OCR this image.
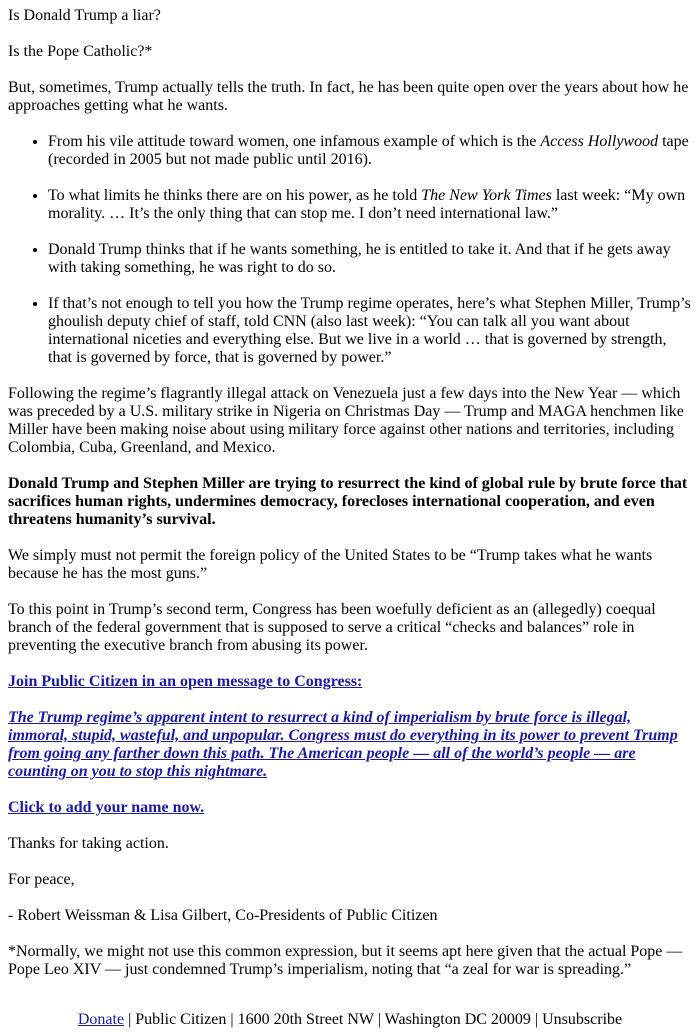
Is Donald Trump a liar?

Is the Pope Catholic?*

But, sometimes, Trump actually tells the truth. In fact, he has been quite open over the years about how he approaches getting what he wants.

• From his vile attitude toward women, one infamous example of which is the Access Hollywood tape (recorded in 2005 but not made public until 2016).
• To what limits he thinks there are on his power, as he told The New York Times last week: “My own morality. … It’s the only thing that can stop me. I don’t need international law.”
• Donald Trump thinks that if he wants something, he is entitled to take it. And that if he gets away with taking something, he was right to do so.
• If that’s not enough to tell you how the Trump regime operates, here’s what Stephen Miller, Trump’s ghoulish deputy chief of staff, told CNN (also last week): “You can talk all you want about international niceties and everything else. But we live in a world … that is governed by strength, that is governed by force, that is governed by power.”

Following the regime’s flagrantly illegal attack on Venezuela just a few days into the New Year — which was preceded by a U.S. military strike in Nigeria on Christmas Day — Trump and MAGA henchmen like Miller have been making noise about using military force against other nations and territories, including Colombia, Cuba, Greenland, and Mexico.

Donald Trump and Stephen Miller are trying to resurrect the kind of global rule by brute force that sacrifices human rights, undermines democracy, forecloses international cooperation, and even threatens humanity’s survival.

We simply must not permit the foreign policy of the United States to be “Trump takes what he wants because he has the most guns.”

To this point in Trump’s second term, Congress has been woefully deficient as an (allegedly) coequal branch of the federal government that is supposed to serve a critical “checks and balances” role in preventing the executive branch from abusing its power.

Join Public Citizen in an open message to Congress:

The Trump regime’s apparent intent to resurrect a kind of imperialism by brute force is illegal, immoral, stupid, wasteful, and unpopular. Congress must do everything in its power to prevent Trump from going any farther down this path. The American people — all of the world’s people — are counting on you to stop this nightmare.

Click to add your name now.

Thanks for taking action.

For peace,

- Robert Weissman & Lisa Gilbert, Co-Presidents of Public Citizen

*Normally, we might not use this common expression, but it seems apt here given that the actual Pope — Pope Leo XIV — just condemned Trump’s imperialism, noting that “a zeal for war is spreading.”

Donate | Public Citizen | 1600 20th Street NW | Washington DC 20009 | Unsubscribe
